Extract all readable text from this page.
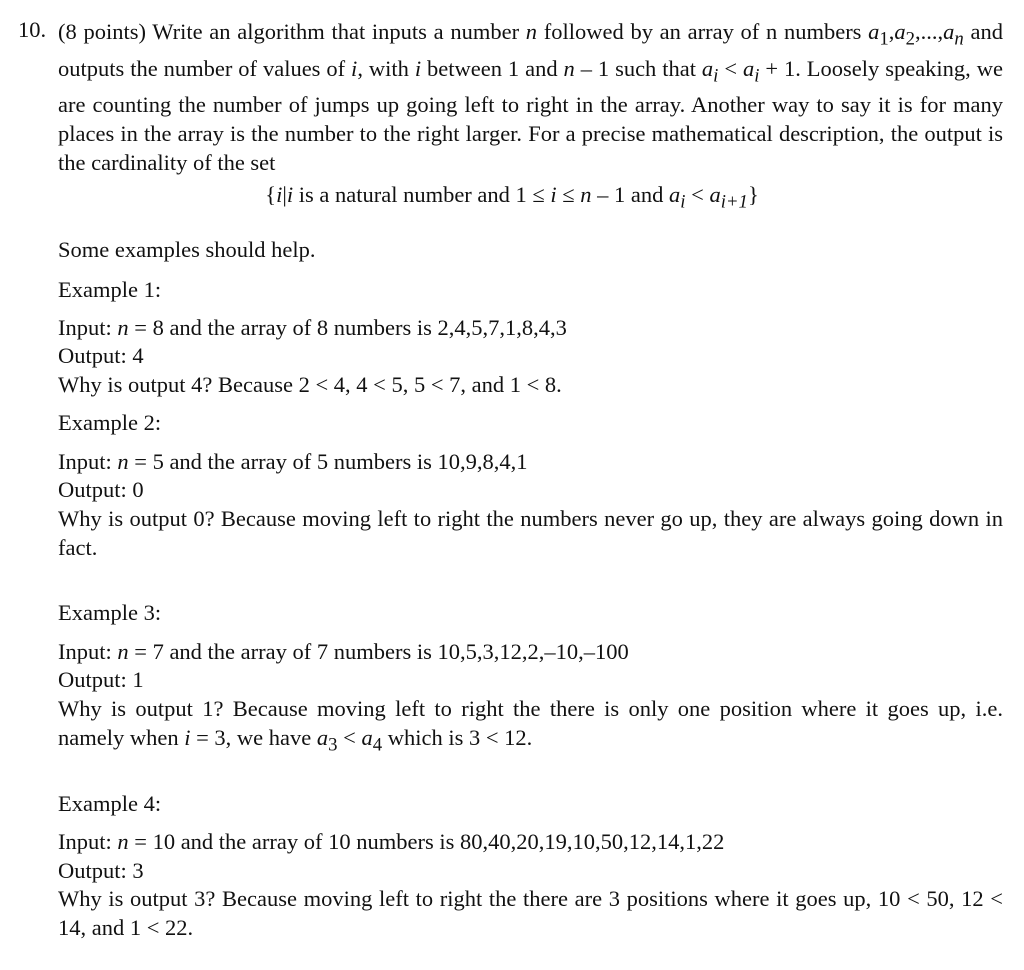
10. (8 points) Write an algorithm that inputs a number n followed by an array of n numbers $a_1,a_2,...,a_n$ and outputs the number of values of i, with i between 1 and n – 1 such that $a_i < a_i + 1$. Loosely speaking, we are counting the number of jumps up going left to right in the array. Another way to say it is for many places in the array is the number to the right larger. For a precise mathematical description, the output is the cardinality of the set
{i|i is a natural number and 1 ≤ i ≤ n – 1 and $a_i < a_{i+1}$}
Some examples should help.
Example 1:
Input: n = 8 and the array of 8 numbers is 2,4,5,7,1,8,4,3
Output: 4
Why is output 4? Because 2 < 4, 4 < 5, 5 < 7, and 1 < 8.
Example 2:
Input: n = 5 and the array of 5 numbers is 10,9,8,4,1
Output: 0
Why is output 0? Because moving left to right the numbers never go up, they are always going down in fact.
Example 3:
Input: n = 7 and the array of 7 numbers is 10,5,3,12,2,–10,–100
Output: 1
Why is output 1? Because moving left to right the there is only one position where it goes up, i.e. namely when i = 3, we have $a_3 < a_4$ which is 3 < 12.
Example 4:
Input: n = 10 and the array of 10 numbers is 80,40,20,19,10,50,12,14,1,22
Output: 3
Why is output 3? Because moving left to right the there are 3 positions where it goes up, 10 < 50, 12 < 14, and 1 < 22.
